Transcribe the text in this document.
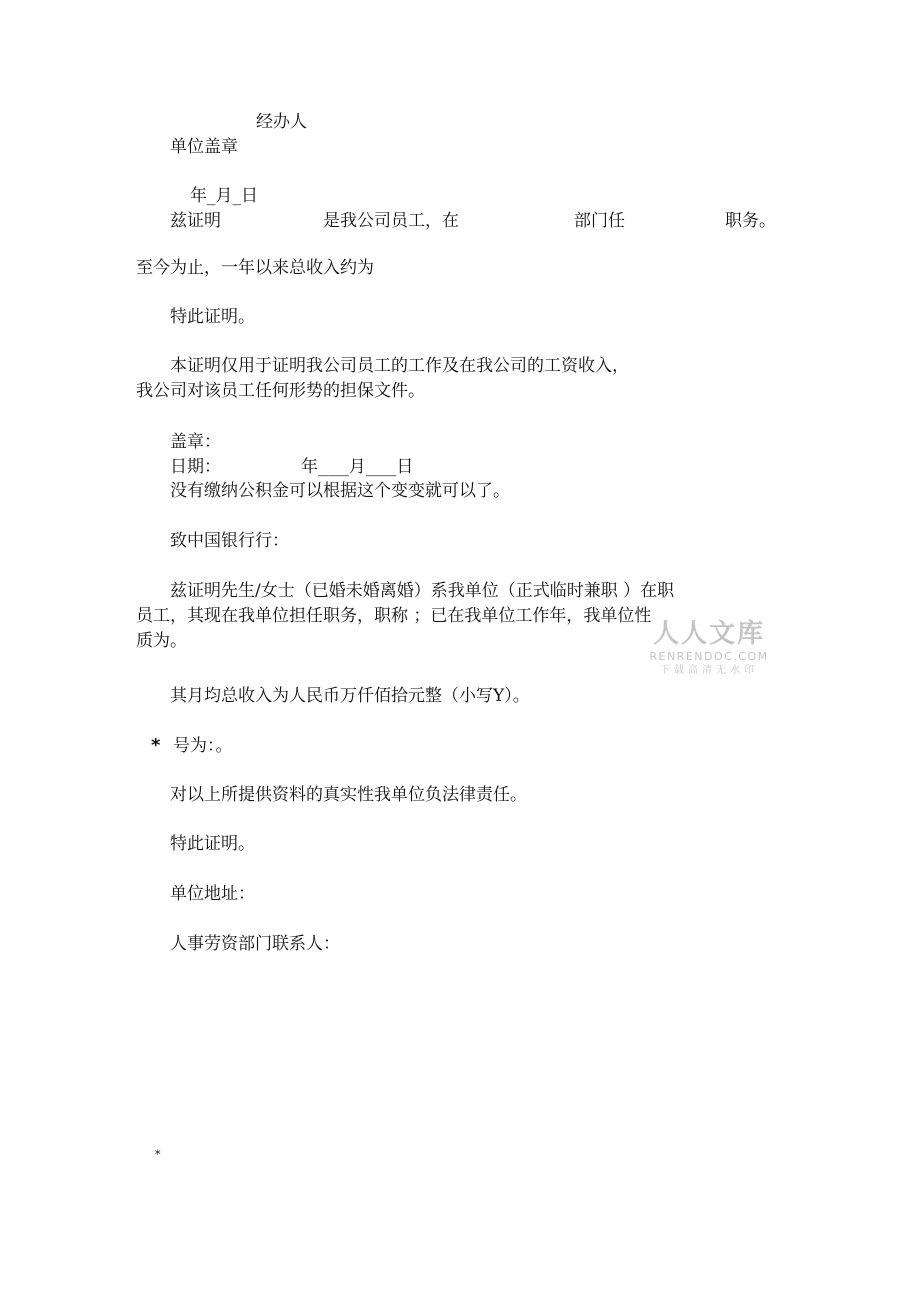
经办人
单位盖章
年_月_日
兹证明	是我公司员工，在	部门任	职务。
至今为止，一年以来总收入约为
特此证明。
本证明仅用于证明我公司员工的工作及在我公司的工资收入，
我公司对该员工任何形势的担保文件。
盖章：
日期：	年___月___日
没有缴纳公积金可以根据这个变变就可以了。
致中国银行行：
兹证明先生/女士（已婚未婚离婚）系我单位（正式临时兼职 ）在职
员工，其现在我单位担任职务，职称 ；已在我单位工作年，我单位性
质为。
其月均总收入为人民币万仟佰拾元整（小写Y）。
* 号为：。
对以上所提供资料的真实性我单位负法律责任。
特此证明。
单位地址：
人事劳资部门联系人：
*
人人文库
RENRENDOC.COM
下载高清无水印
